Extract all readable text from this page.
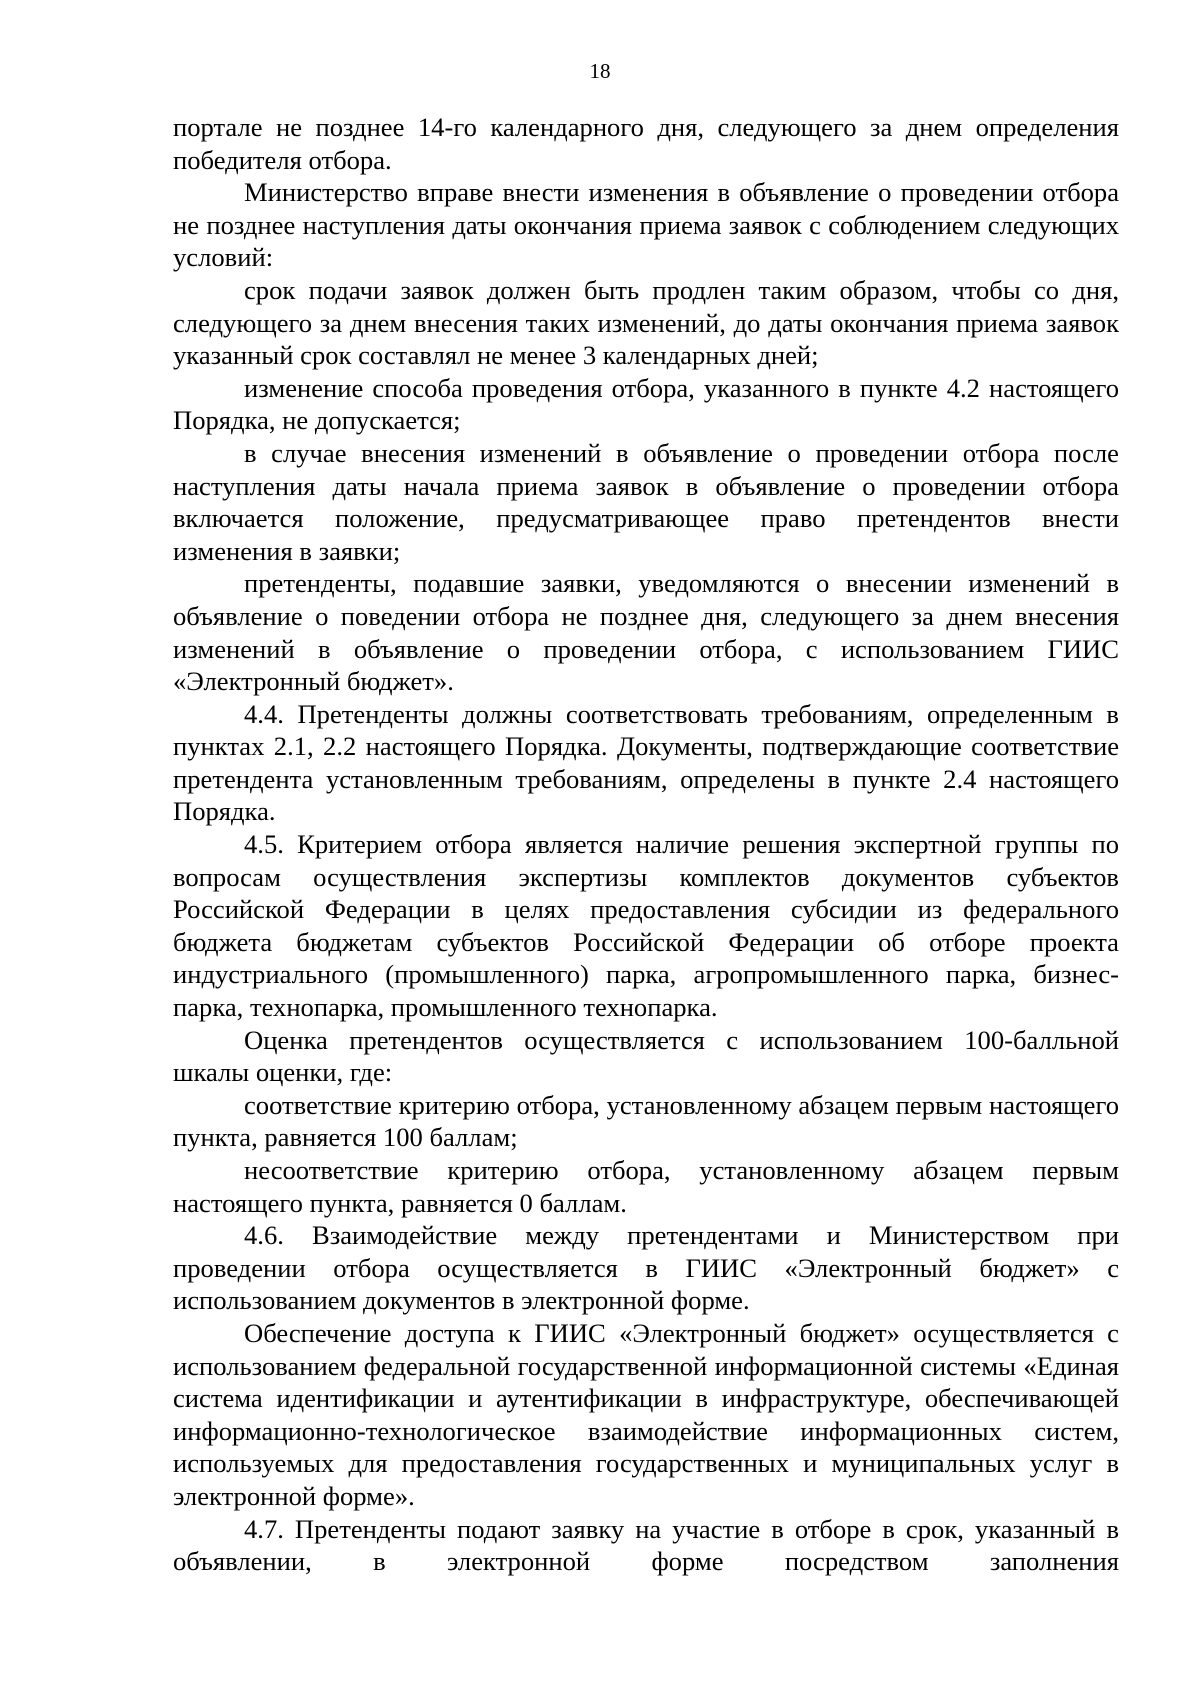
18

портале не позднее 14-го календарного дня, следующего за днем определения победителя отбора.

Министерство вправе внести изменения в объявление о проведении отбора не позднее наступления даты окончания приема заявок с соблюдением следующих условий:

срок подачи заявок должен быть продлен таким образом, чтобы со дня, следующего за днем внесения таких изменений, до даты окончания приема заявок указанный срок составлял не менее 3 календарных дней;

изменение способа проведения отбора, указанного в пункте 4.2 настоящего Порядка, не допускается;

в случае внесения изменений в объявление о проведении отбора после наступления даты начала приема заявок в объявление о проведении отбора включается положение, предусматривающее право претендентов внести изменения в заявки;

претенденты, подавшие заявки, уведомляются о внесении изменений в объявление о поведении отбора не позднее дня, следующего за днем внесения изменений в объявление о проведении отбора, с использованием ГИИС «Электронный бюджет».

4.4. Претенденты должны соответствовать требованиям, определенным в пунктах 2.1, 2.2 настоящего Порядка. Документы, подтверждающие соответствие претендента установленным требованиям, определены в пункте 2.4 настоящего Порядка.

4.5. Критерием отбора является наличие решения экспертной группы по вопросам осуществления экспертизы комплектов документов субъектов Российской Федерации в целях предоставления субсидии из федерального бюджета бюджетам субъектов Российской Федерации об отборе проекта индустриального (промышленного) парка, агропромышленного парка, бизнес-парка, технопарка, промышленного технопарка.

Оценка претендентов осуществляется с использованием 100-балльной шкалы оценки, где:

соответствие критерию отбора, установленному абзацем первым настоящего пункта, равняется 100 баллам;

несоответствие критерию отбора, установленному абзацем первым настоящего пункта, равняется 0 баллам.

4.6. Взаимодействие между претендентами и Министерством при проведении отбора осуществляется в ГИИС «Электронный бюджет» с использованием документов в электронной форме.

Обеспечение доступа к ГИИС «Электронный бюджет» осуществляется с использованием федеральной государственной информационной системы «Единая система идентификации и аутентификации в инфраструктуре, обеспечивающей информационно-технологическое взаимодействие информационных систем, используемых для предоставления государственных и муниципальных услуг в электронной форме».

4.7. Претенденты подают заявку на участие в отборе в срок, указанный в объявлении, в электронной форме посредством заполнения
